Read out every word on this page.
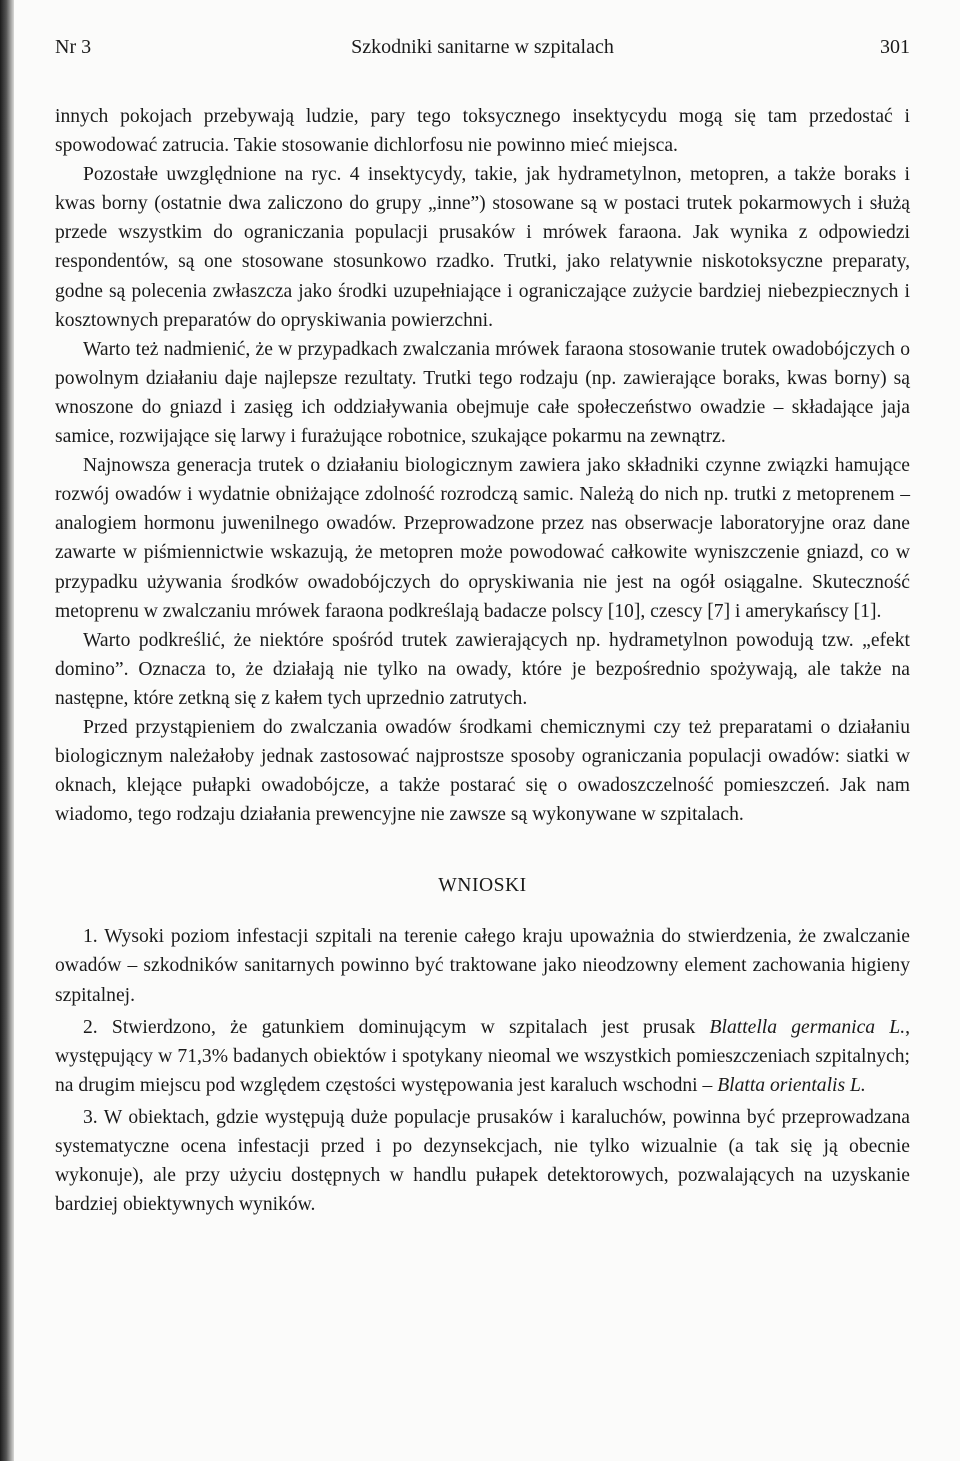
Nr 3	Szkodniki sanitarne w szpitalach	301

innych pokojach przebywają ludzie, pary tego toksycznego insektycydu mogą się tam przedostać i spowodować zatrucia. Takie stosowanie dichlorfosu nie powinno mieć miejsca.

Pozostałe uwzględnione na ryc. 4 insektycydy, takie, jak hydrametylnon, metopren, a także boraks i kwas borny (ostatnie dwa zaliczono do grupy „inne”) stosowane są w postaci trutek pokarmowych i służą przede wszystkim do ograniczania populacji prusaków i mrówek faraona. Jak wynika z odpowiedzi respondentów, są one stosowane stosunkowo rzadko. Trutki, jako relatywnie niskotoksyczne preparaty, godne są polecenia zwłaszcza jako środki uzupełniające i ograniczające zużycie bardziej niebezpiecznych i kosztownych preparatów do opryskiwania powierzchni.

Warto też nadmienić, że w przypadkach zwalczania mrówek faraona stosowanie trutek owadobójczych o powolnym działaniu daje najlepsze rezultaty. Trutki tego rodzaju (np. zawierające boraks, kwas borny) są wnoszone do gniazd i zasięg ich oddziaływania obejmuje całe społeczeństwo owadzie – składające jaja samice, rozwijające się larwy i furażujące robotnice, szukające pokarmu na zewnątrz.

Najnowsza generacja trutek o działaniu biologicznym zawiera jako składniki czynne związki hamujące rozwój owadów i wydatnie obniżające zdolność rozrodczą samic. Należą do nich np. trutki z metoprenem – analogiem hormonu juwenilnego owadów. Przeprowadzone przez nas obserwacje laboratoryjne oraz dane zawarte w piśmiennictwie wskazują, że metopren może powodować całkowite wyniszczenie gniazd, co w przypadku używania środków owadobójczych do opryskiwania nie jest na ogół osiągalne. Skuteczność metoprenu w zwalczaniu mrówek faraona podkreślają badacze polscy [10], czescy [7] i amerykańscy [1].

Warto podkreślić, że niektóre spośród trutek zawierających np. hydrametylnon powodują tzw. „efekt domino”. Oznacza to, że działają nie tylko na owady, które je bezpośrednio spożywają, ale także na następne, które zetkną się z kałem tych uprzednio zatrutych.

Przed przystąpieniem do zwalczania owadów środkami chemicznymi czy też preparatami o działaniu biologicznym należałoby jednak zastosować najprostsze sposoby ograniczania populacji owadów: siatki w oknach, klejące pułapki owadobójcze, a także postarać się o owadoszczelność pomieszczeń. Jak nam wiadomo, tego rodzaju działania prewencyjne nie zawsze są wykonywane w szpitalach.

WNIOSKI

1. Wysoki poziom infestacji szpitali na terenie całego kraju upoważnia do stwierdzenia, że zwalczanie owadów – szkodników sanitarnych powinno być traktowane jako nieodzowny element zachowania higieny szpitalnej.

2. Stwierdzono, że gatunkiem dominującym w szpitalach jest prusak Blattella germanica L., występujący w 71,3% badanych obiektów i spotykany nieomal we wszystkich pomieszczeniach szpitalnych; na drugim miejscu pod względem częstości występowania jest karaluch wschodni – Blatta orientalis L.

3. W obiektach, gdzie występują duże populacje prusaków i karaluchów, powinna być przeprowadzana systematyczne ocena infestacji przed i po dezynsekcjach, nie tylko wizualnie (a tak się ją obecnie wykonuje), ale przy użyciu dostępnych w handlu pułapek detektorowych, pozwalających na uzyskanie bardziej obiektywnych wyników.
